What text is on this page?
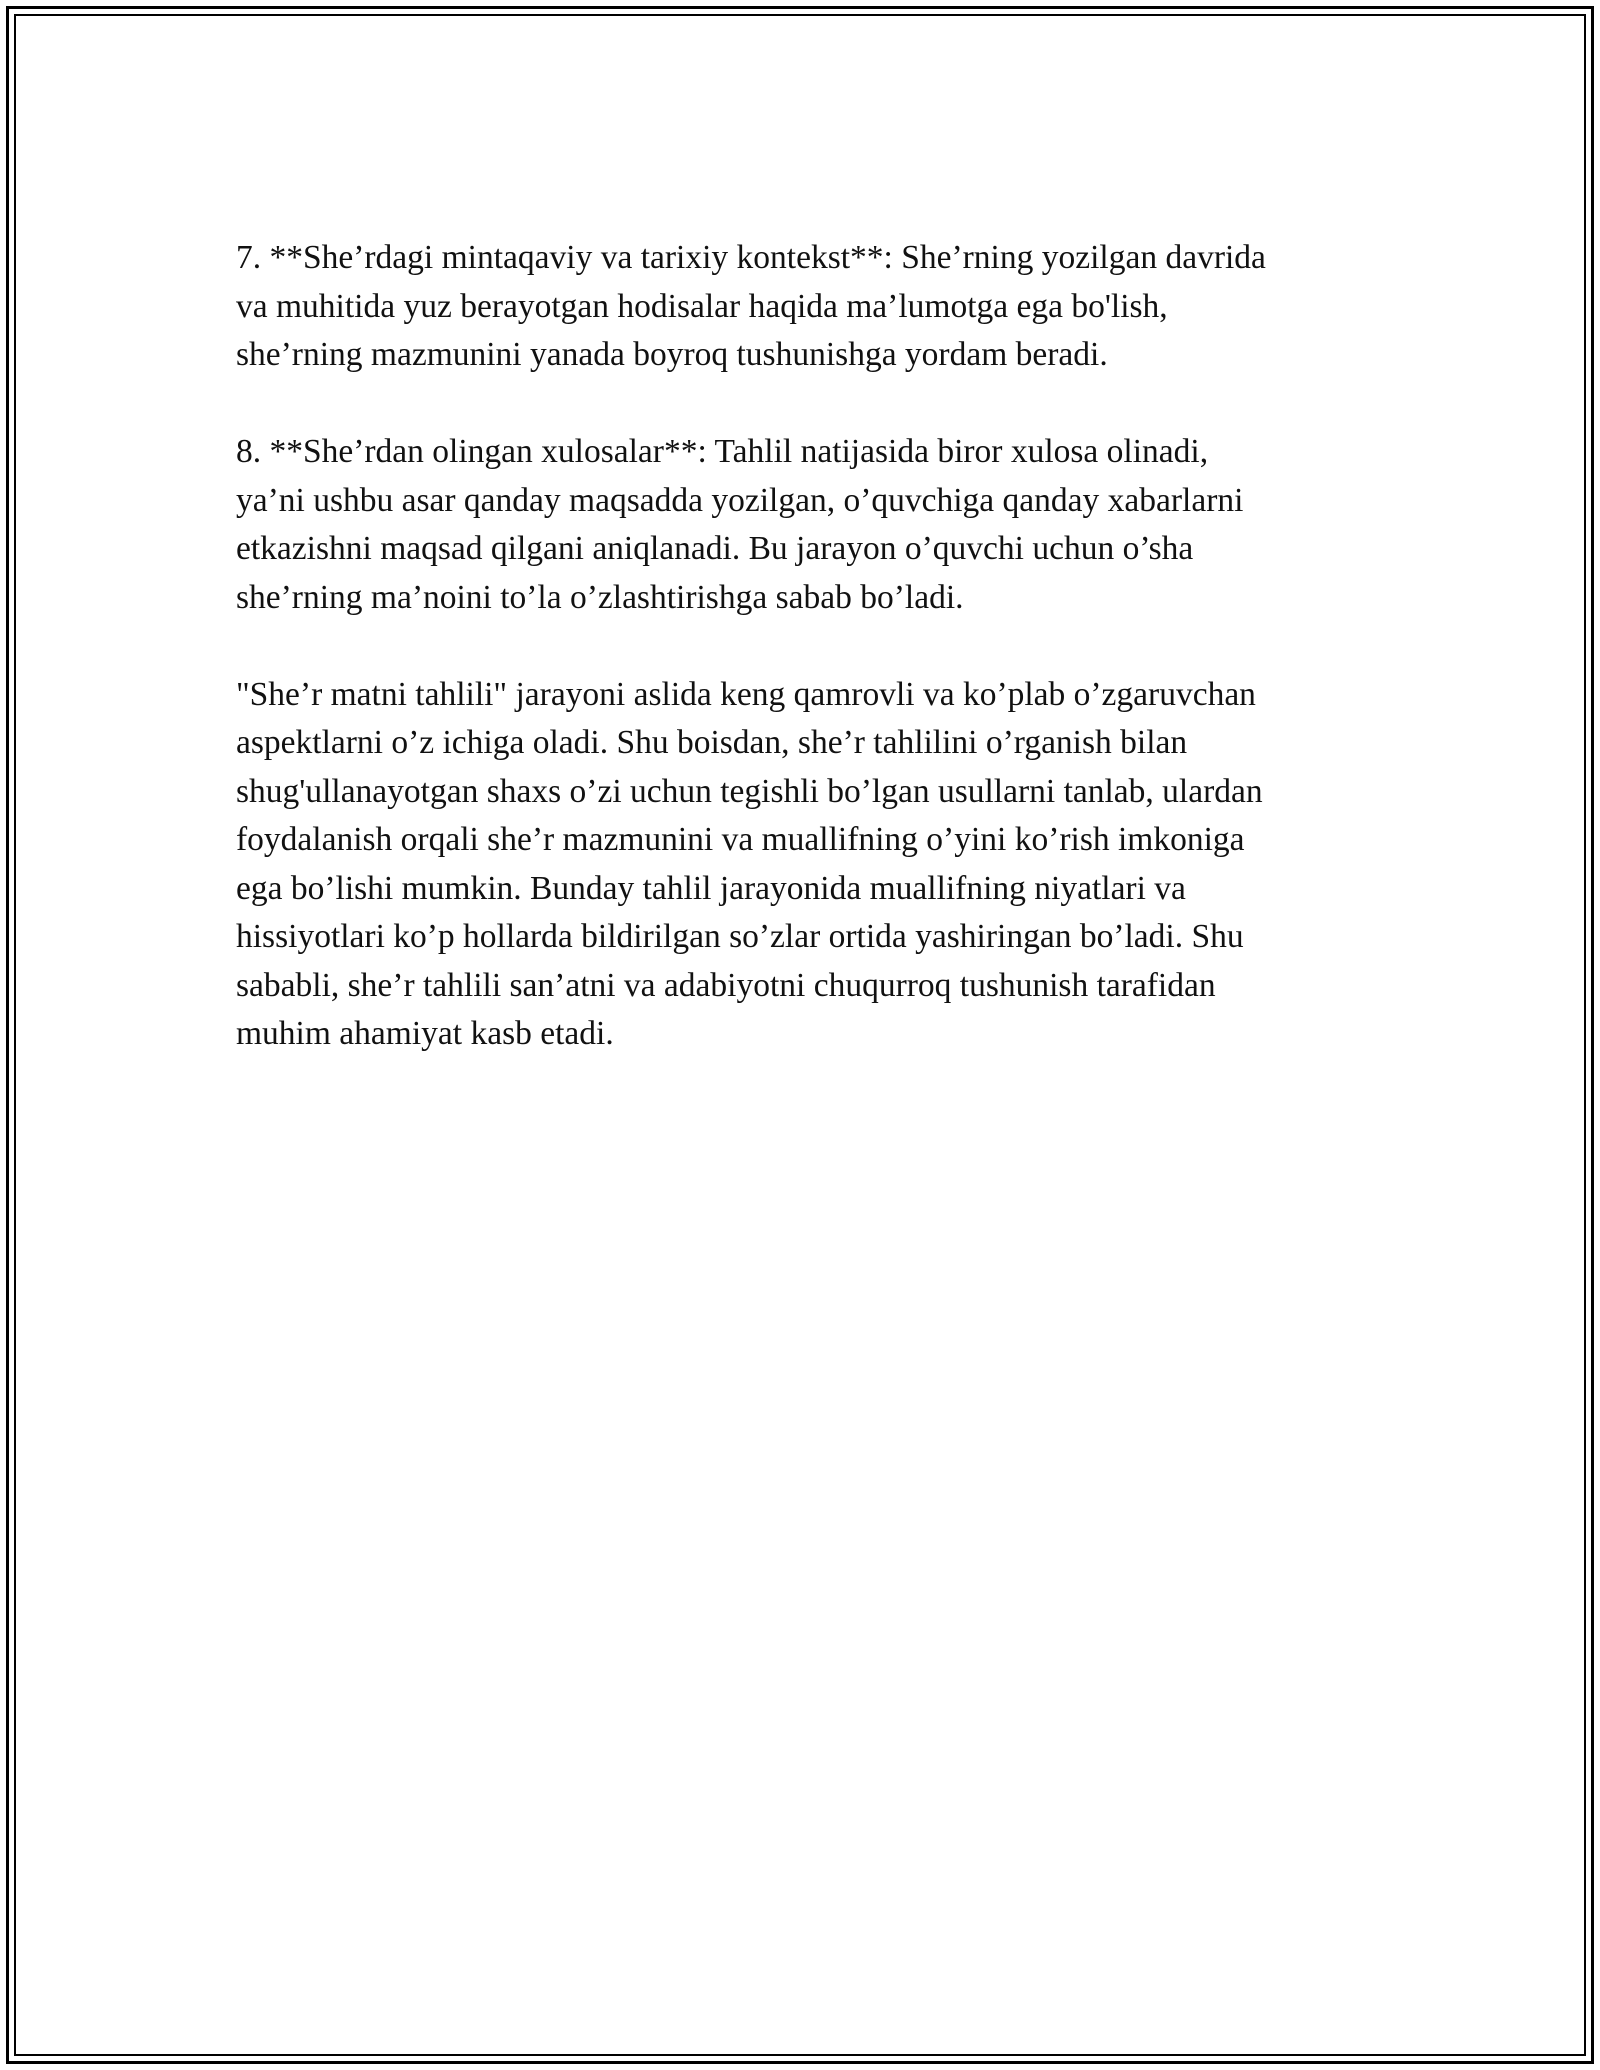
7. **She’rdagi mintaqaviy va tarixiy kontekst**: She’rning yozilgan davrida
va muhitida yuz berayotgan hodisalar haqida ma’lumotga ega bo'lish,
she’rning mazmunini yanada boyroq tushunishga yordam beradi.

8. **She’rdan olingan xulosalar**: Tahlil natijasida biror xulosa olinadi,
ya’ni ushbu asar qanday maqsadda yozilgan, o’quvchiga qanday xabarlarni
etkazishni maqsad qilgani aniqlanadi. Bu jarayon o’quvchi uchun o’sha
she’rning ma’noini to’la o’zlashtirishga sabab bo’ladi.

"She’r matni tahlili" jarayoni aslida keng qamrovli va ko’plab o’zgaruvchan
aspektlarni o’z ichiga oladi. Shu boisdan, she’r tahlilini o’rganish bilan
shug'ullanayotgan shaxs o’zi uchun tegishli bo’lgan usullarni tanlab, ulardan
foydalanish orqali she’r mazmunini va muallifning o’yini ko’rish imkoniga
ega bo’lishi mumkin. Bunday tahlil jarayonida muallifning niyatlari va
hissiyotlari ko’p hollarda bildirilgan so’zlar ortida yashiringan bo’ladi. Shu
sababli, she’r tahlili san’atni va adabiyotni chuqurroq tushunish tarafidan
muhim ahamiyat kasb etadi.
